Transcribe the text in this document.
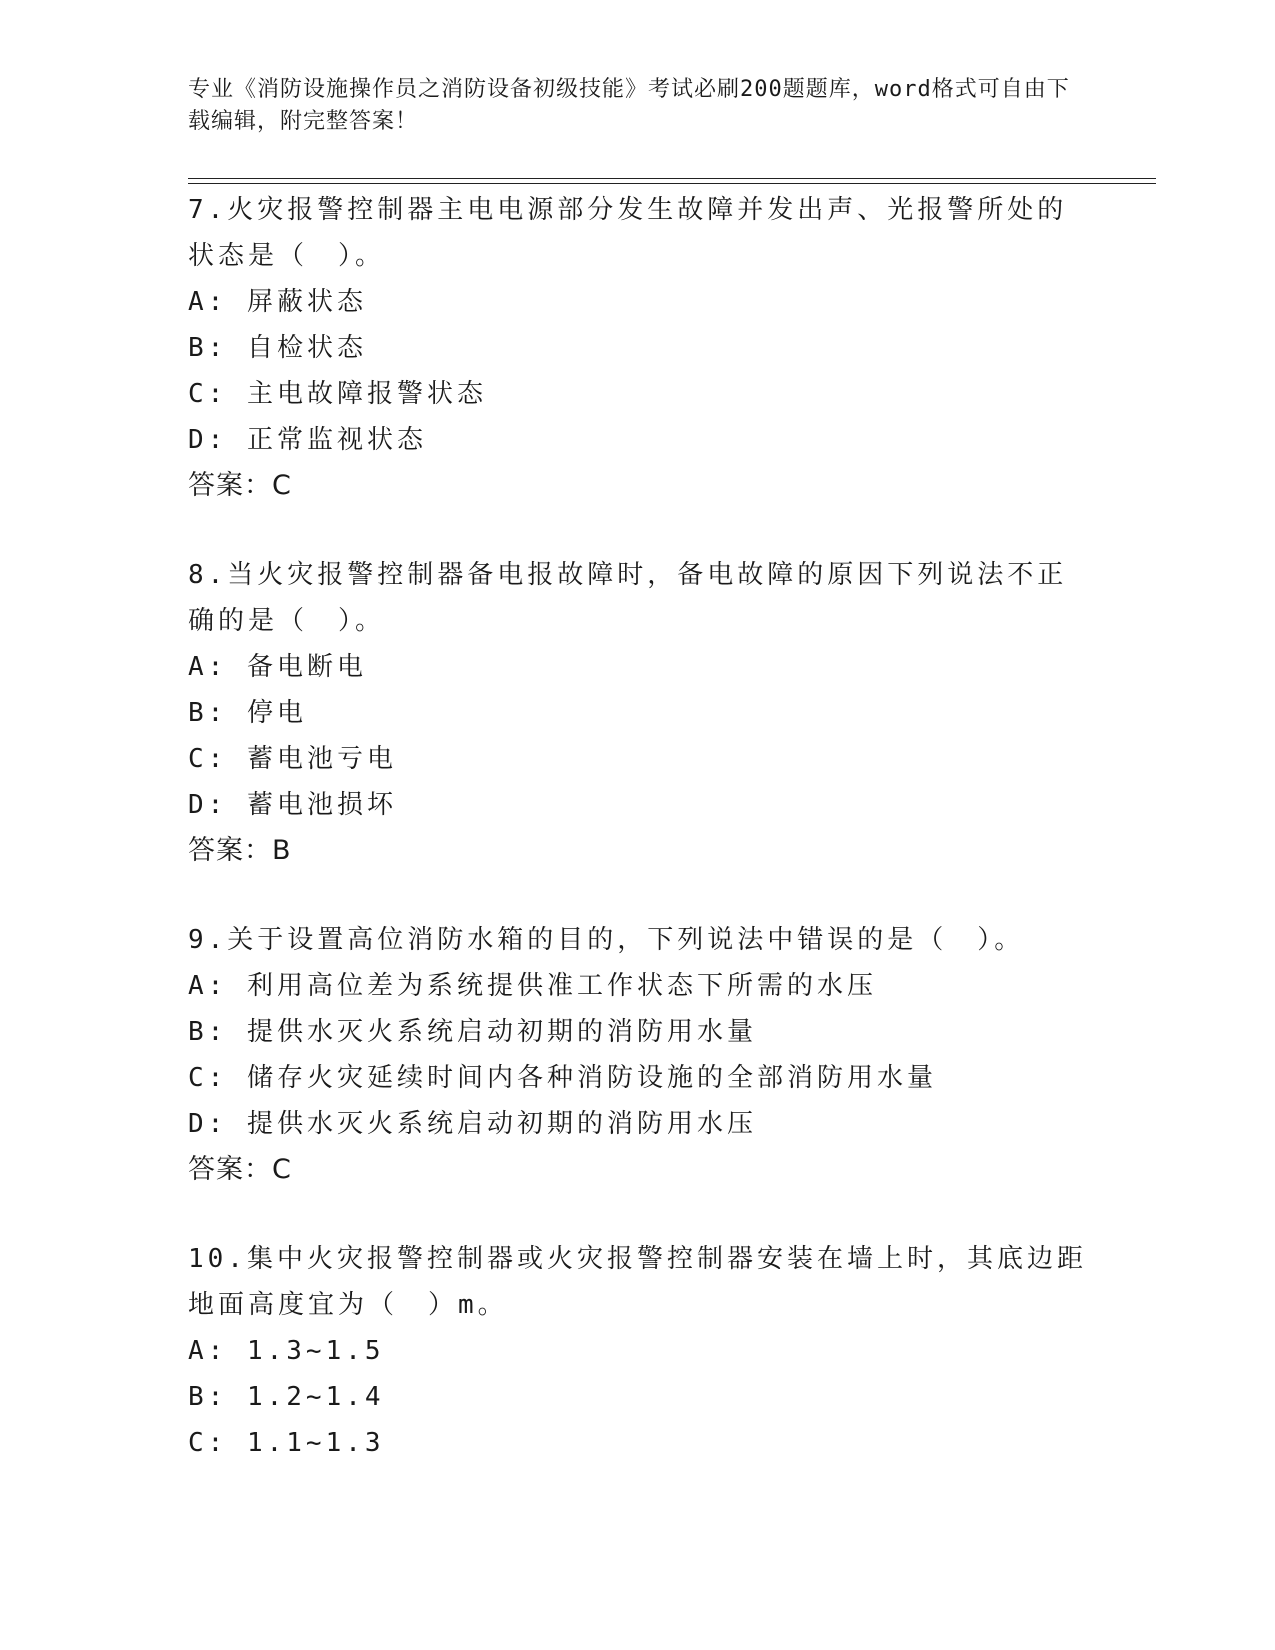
专业《消防设施操作员之消防设备初级技能》考试必刷200题题库，word格式可自由下载编辑，附完整答案！

7.火灾报警控制器主电电源部分发生故障并发出声、光报警所处的状态是（　）。

A: 屏蔽状态

B: 自检状态

C: 主电故障报警状态

D: 正常监视状态

答案：C

8.当火灾报警控制器备电报故障时，备电故障的原因下列说法不正确的是（　）。

A: 备电断电

B: 停电

C: 蓄电池亏电

D: 蓄电池损坏

答案：B

9.关于设置高位消防水箱的目的，下列说法中错误的是（　）。

A: 利用高位差为系统提供准工作状态下所需的水压

B: 提供水灭火系统启动初期的消防用水量

C: 储存火灾延续时间内各种消防设施的全部消防用水量

D: 提供水灭火系统启动初期的消防用水压

答案：C

10.集中火灾报警控制器或火灾报警控制器安装在墙上时，其底边距地面高度宜为（　）m。

A: 1.3~1.5

B: 1.2~1.4

C: 1.1~1.3
